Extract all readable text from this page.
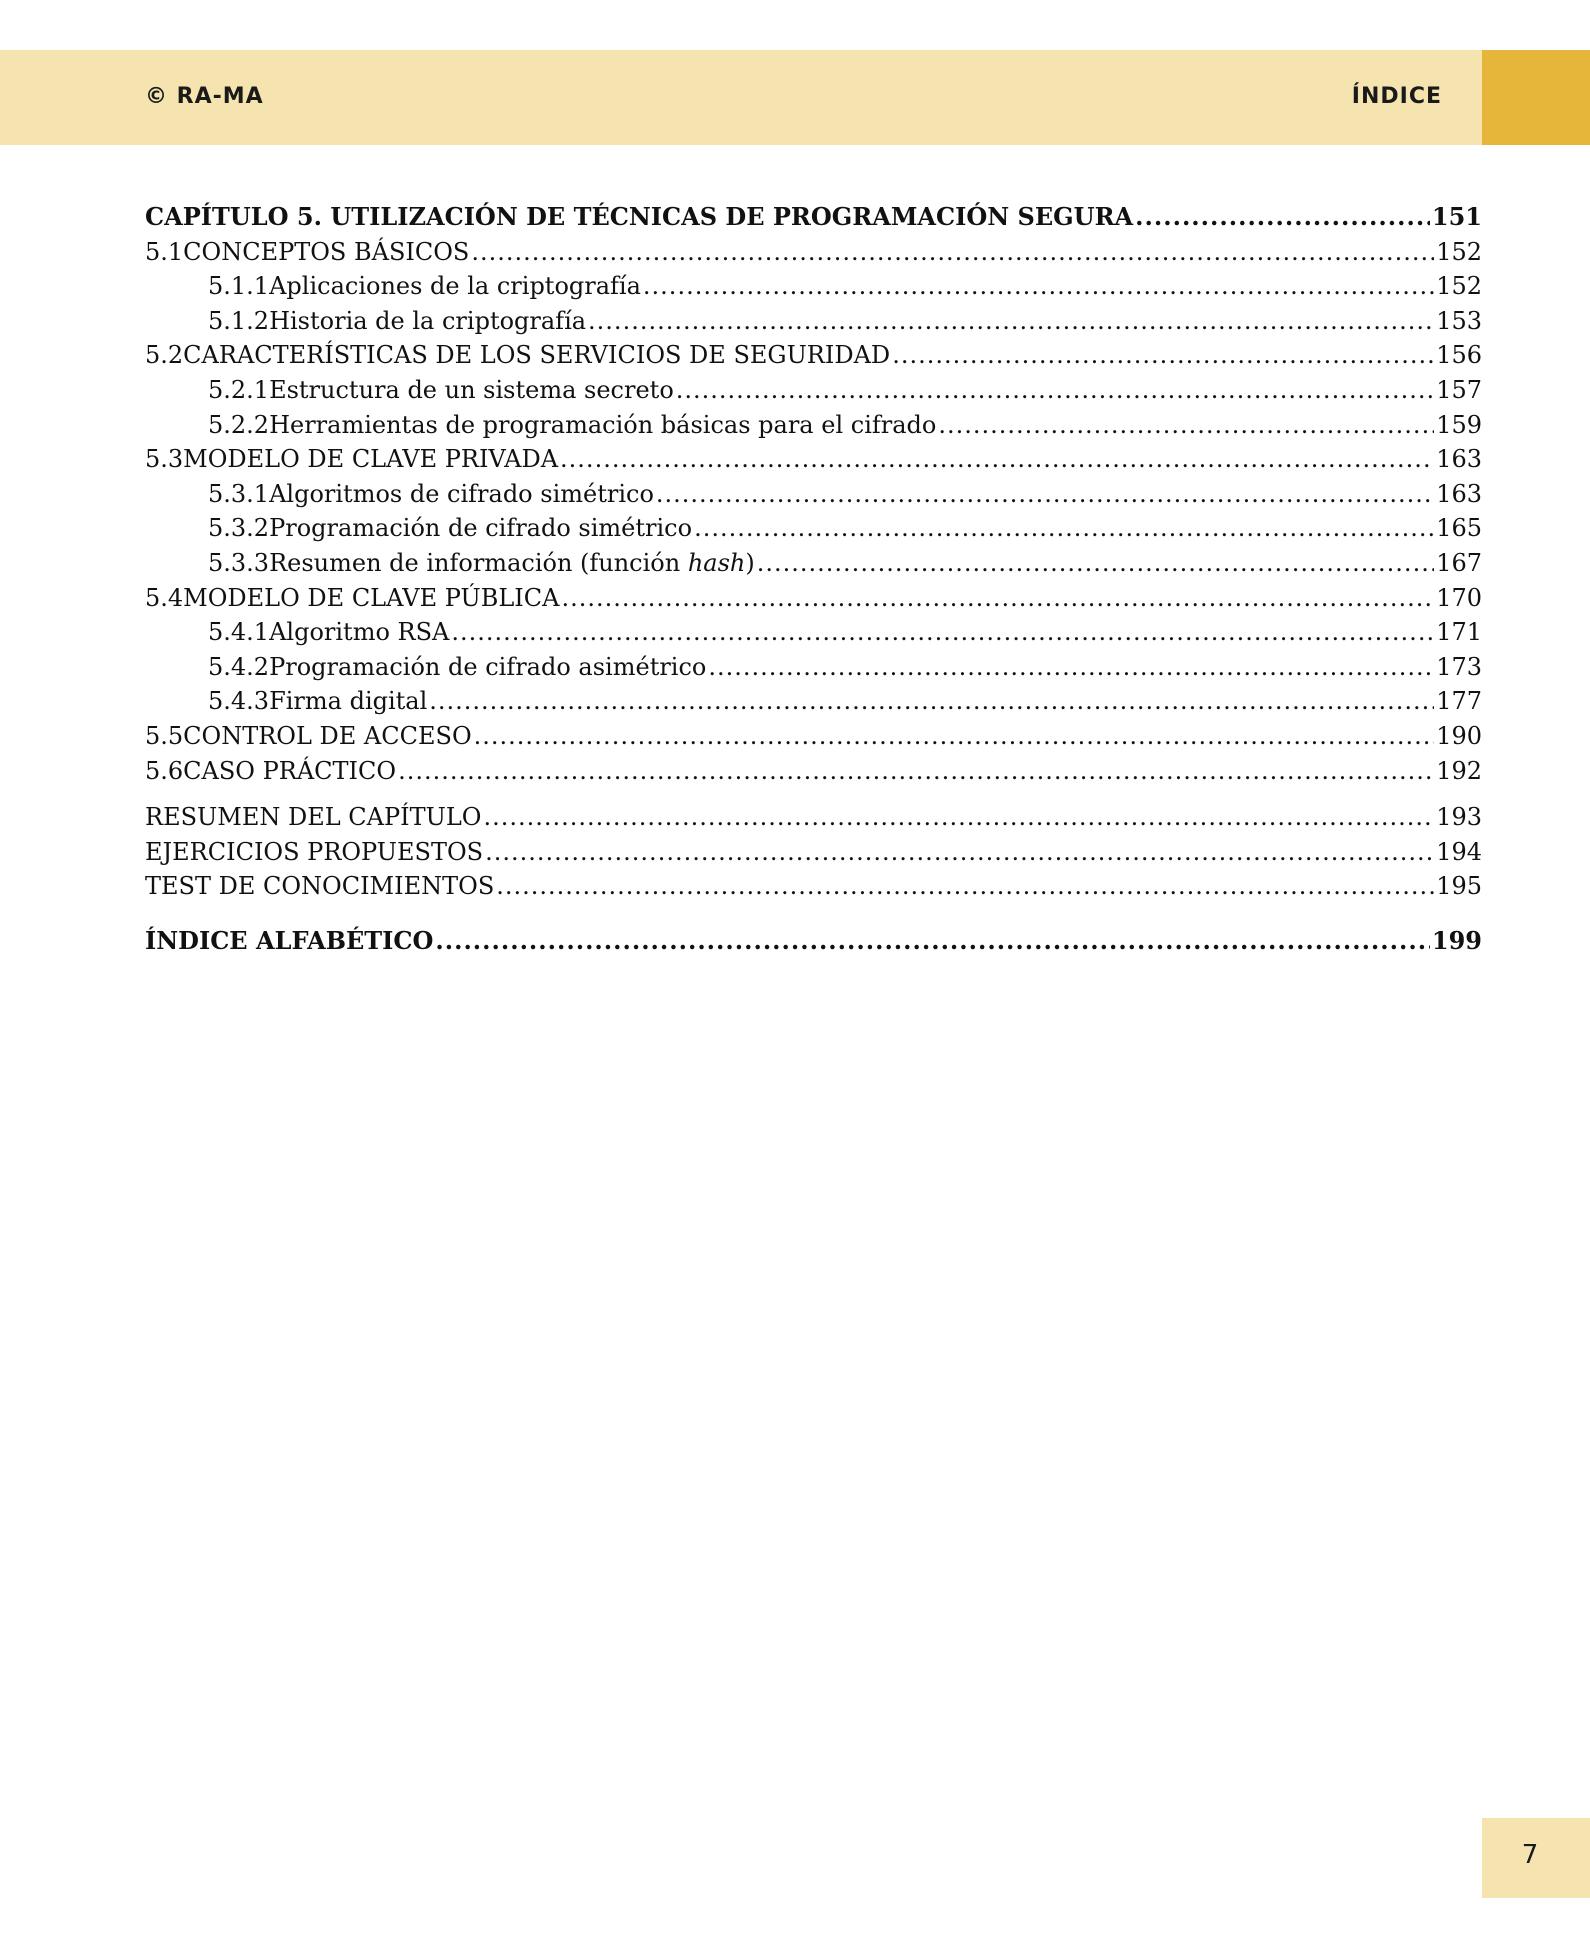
© RA-MA	ÍNDICE
CAPÍTULO 5. UTILIZACIÓN DE TÉCNICAS DE PROGRAMACIÓN SEGURA .....	151
5.1 CONCEPTOS BÁSICOS .....	152
5.1.1 Aplicaciones de la criptografía .....	152
5.1.2 Historia de la criptografía .....	153
5.2 CARACTERÍSTICAS DE LOS SERVICIOS DE SEGURIDAD .....	156
5.2.1 Estructura de un sistema secreto .....	157
5.2.2 Herramientas de programación básicas para el cifrado .....	159
5.3 MODELO DE CLAVE PRIVADA .....	163
5.3.1 Algoritmos de cifrado simétrico .....	163
5.3.2 Programación de cifrado simétrico .....	165
5.3.3 Resumen de información (función hash) .....	167
5.4 MODELO DE CLAVE PÚBLICA .....	170
5.4.1 Algoritmo RSA .....	171
5.4.2 Programación de cifrado asimétrico .....	173
5.4.3 Firma digital .....	177
5.5 CONTROL DE ACCESO .....	190
5.6 CASO PRÁCTICO .....	192
RESUMEN DEL CAPÍTULO .....	193
EJERCICIOS PROPUESTOS .....	194
TEST DE CONOCIMIENTOS .....	195
ÍNDICE ALFABÉTICO .....	199
7
